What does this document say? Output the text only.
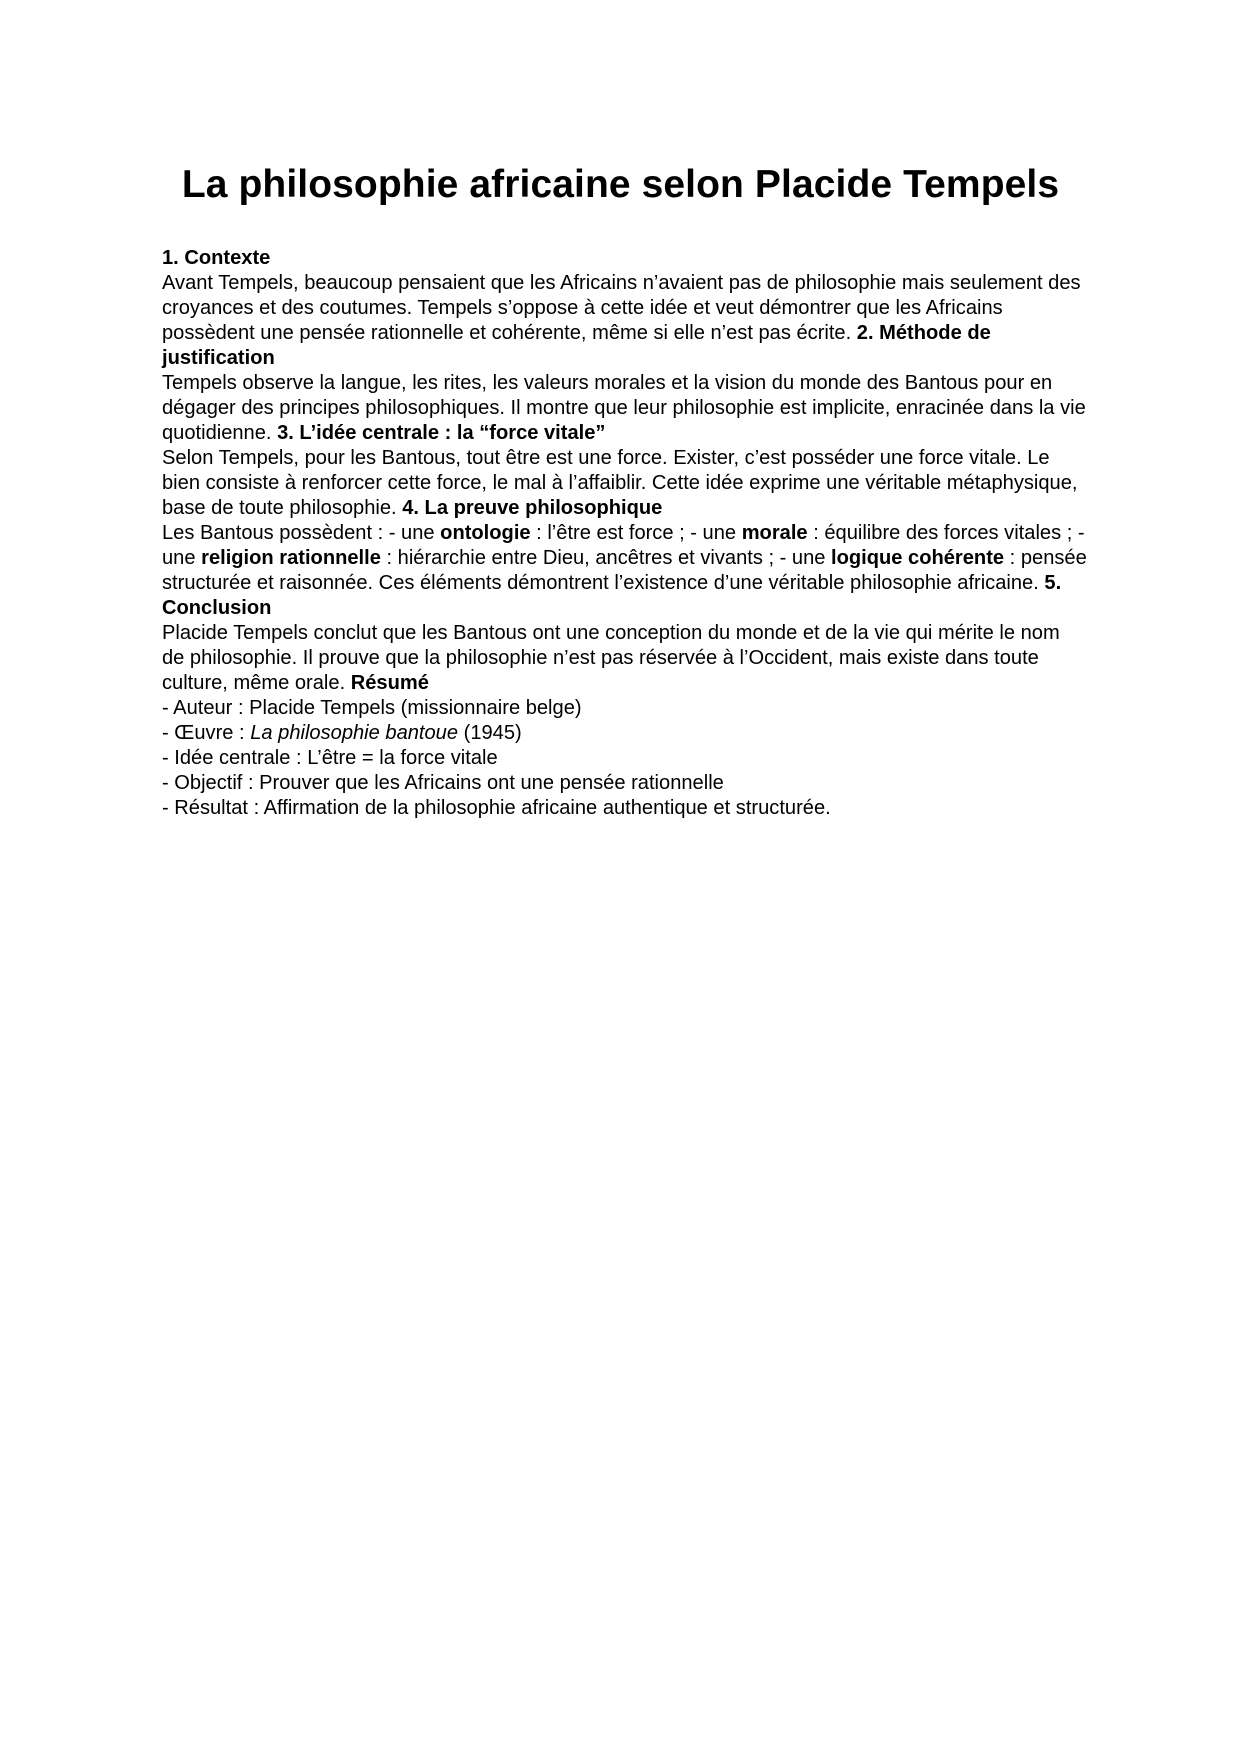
La philosophie africaine selon Placide Tempels

1. Contexte
Avant Tempels, beaucoup pensaient que les Africains n’avaient pas de philosophie mais seulement des croyances et des coutumes. Tempels s’oppose à cette idée et veut démontrer que les Africains possèdent une pensée rationnelle et cohérente, même si elle n’est pas écrite. 2. Méthode de justification
Tempels observe la langue, les rites, les valeurs morales et la vision du monde des Bantous pour en dégager des principes philosophiques. Il montre que leur philosophie est implicite, enracinée dans la vie quotidienne. 3. L’idée centrale : la “force vitale”
Selon Tempels, pour les Bantous, tout être est une force. Exister, c’est posséder une force vitale. Le bien consiste à renforcer cette force, le mal à l’affaiblir. Cette idée exprime une véritable métaphysique, base de toute philosophie. 4. La preuve philosophique
Les Bantous possèdent : - une ontologie : l’être est force ; - une morale : équilibre des forces vitales ; - une religion rationnelle : hiérarchie entre Dieu, ancêtres et vivants ; - une logique cohérente : pensée structurée et raisonnée. Ces éléments démontrent l’existence d’une véritable philosophie africaine. 5. Conclusion
Placide Tempels conclut que les Bantous ont une conception du monde et de la vie qui mérite le nom de philosophie. Il prouve que la philosophie n’est pas réservée à l’Occident, mais existe dans toute culture, même orale. Résumé
- Auteur : Placide Tempels (missionnaire belge)
- Œuvre : La philosophie bantoue (1945)
- Idée centrale : L’être = la force vitale
- Objectif : Prouver que les Africains ont une pensée rationnelle
- Résultat : Affirmation de la philosophie africaine authentique et structurée.
